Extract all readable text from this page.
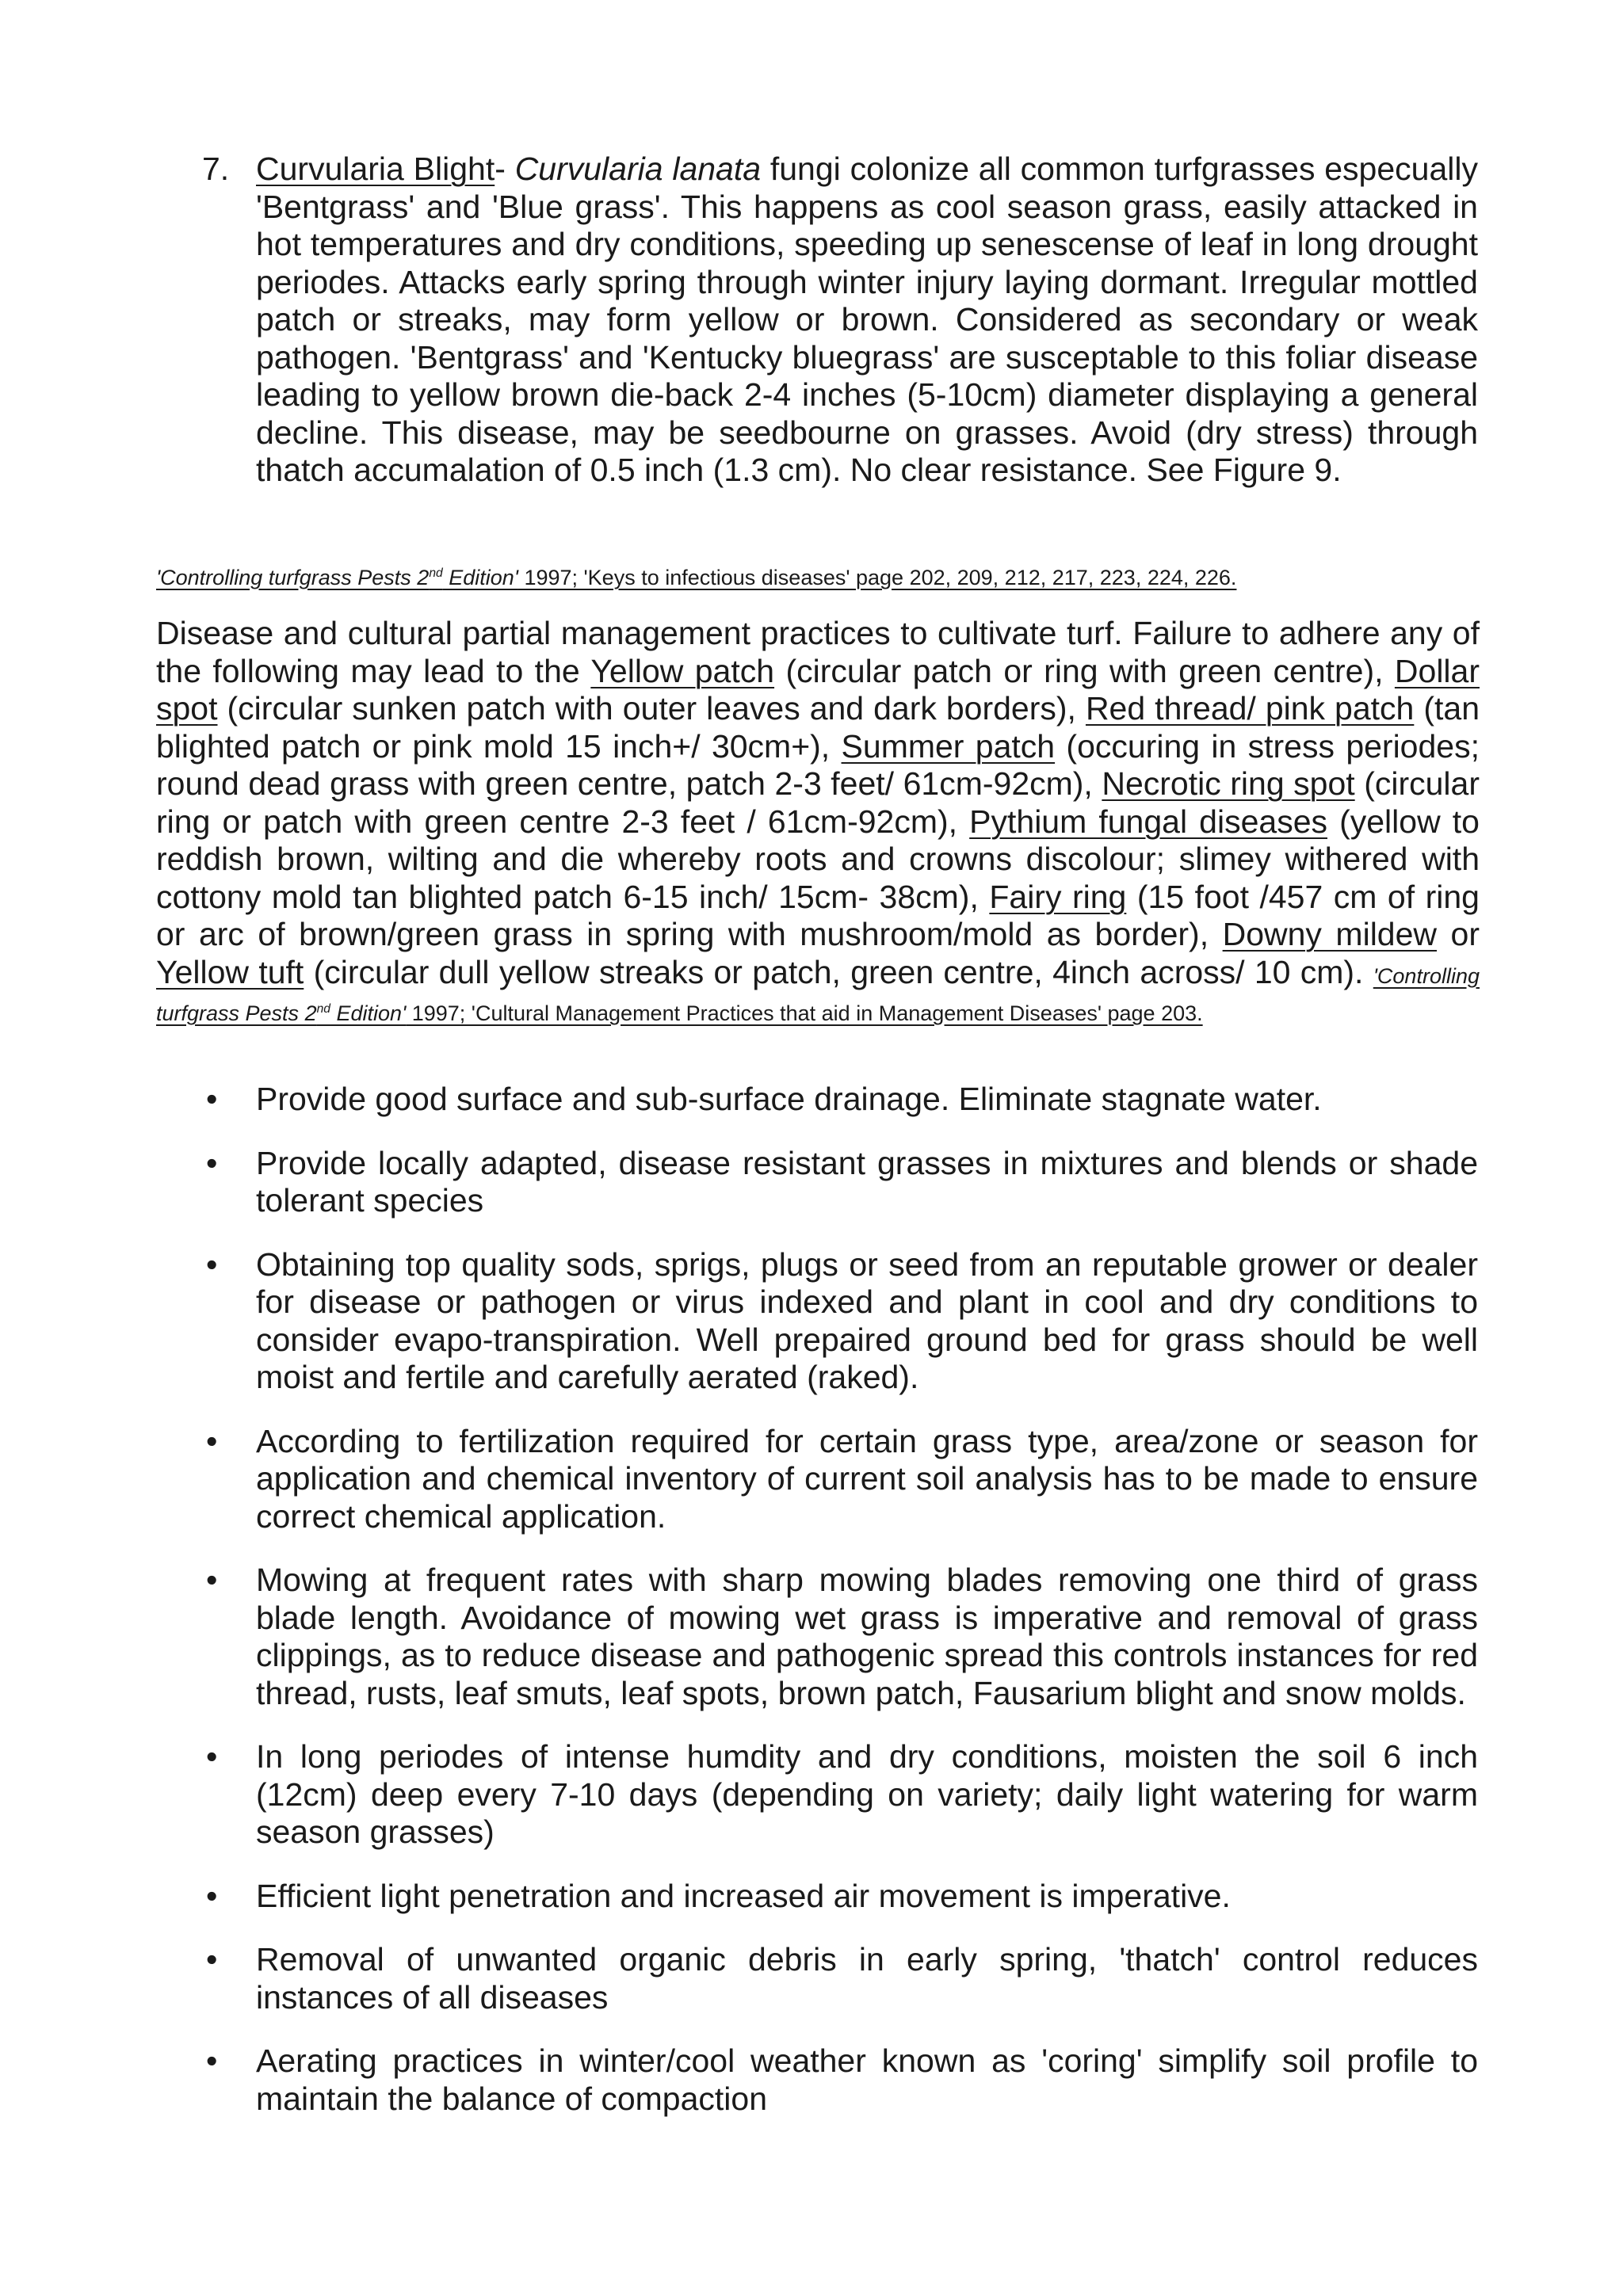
7. Curvularia Blight- Curvularia lanata fungi colonize all common turfgrasses especually 'Bentgrass' and 'Blue grass'. This happens as cool season grass, easily attacked in hot temperatures and dry conditions, speeding up senescense of leaf in long drought periodes. Attacks early spring through winter injury laying dormant. Irregular mottled patch or streaks, may form yellow or brown. Considered as secondary or weak pathogen. 'Bentgrass' and 'Kentucky bluegrass' are susceptable to this foliar disease leading to yellow brown die-back 2-4 inches (5-10cm) diameter displaying a general decline. This disease, may be seedbourne on grasses. Avoid (dry stress) through thatch accumalation of 0.5 inch (1.3 cm). No clear resistance. See Figure 9.
'Controlling turfgrass Pests 2nd Edition' 1997; 'Keys to infectious diseases' page 202, 209, 212, 217, 223, 224, 226.
Disease and cultural partial management practices to cultivate turf. Failure to adhere any of the following may lead to the Yellow patch (circular patch or ring with green centre), Dollar spot (circular sunken patch with outer leaves and dark borders), Red thread/ pink patch (tan blighted patch or pink mold 15 inch+/ 30cm+), Summer patch (occuring in stress periodes; round dead grass with green centre, patch 2-3 feet/ 61cm-92cm), Necrotic ring spot (circular ring or patch with green centre 2-3 feet / 61cm-92cm), Pythium fungal diseases (yellow to reddish brown, wilting and die whereby roots and crowns discolour; slimey withered with cottony mold tan blighted patch 6-15 inch/ 15cm- 38cm), Fairy ring (15 foot /457 cm of ring or arc of brown/green grass in spring with mushroom/mold as border), Downy mildew or Yellow tuft (circular dull yellow streaks or patch, green centre, 4inch across/ 10 cm). 'Controlling turfgrass Pests 2nd Edition' 1997; 'Cultural Management Practices that aid in Management Diseases' page 203.
• Provide good surface and sub-surface drainage. Eliminate stagnate water.
• Provide locally adapted, disease resistant grasses in mixtures and blends or shade tolerant species
• Obtaining top quality sods, sprigs, plugs or seed from an reputable grower or dealer for disease or pathogen or virus indexed and plant in cool and dry conditions to consider evapo-transpiration. Well prepaired ground bed for grass should be well moist and fertile and carefully aerated (raked).
• According to fertilization required for certain grass type, area/zone or season for application and chemical inventory of current soil analysis has to be made to ensure correct chemical application.
• Mowing at frequent rates with sharp mowing blades removing one third of grass blade length. Avoidance of mowing wet grass is imperative and removal of grass clippings, as to reduce disease and pathogenic spread this controls instances for red thread, rusts, leaf smuts, leaf spots, brown patch, Fausarium blight and snow molds.
• In long periodes of intense humdity and dry conditions, moisten the soil 6 inch (12cm) deep every 7-10 days (depending on variety; daily light watering for warm season grasses)
• Efficient light penetration and increased air movement is imperative.
• Removal of unwanted organic debris in early spring, 'thatch' control reduces instances of all diseases
• Aerating practices in winter/cool weather known as 'coring' simplify soil profile to maintain the balance of compaction
